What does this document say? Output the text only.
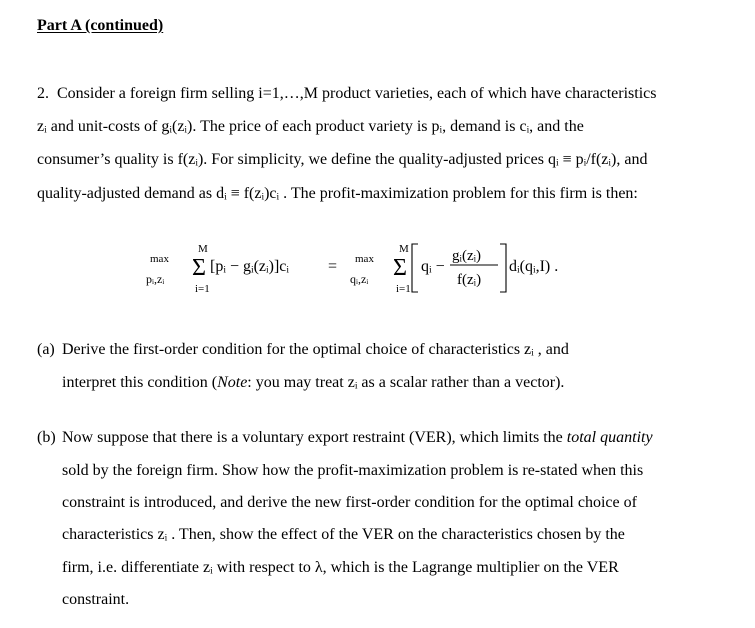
Part A (continued)
2. Consider a foreign firm selling i=1,…,M product varieties, each of which have characteristics
zᵢ and unit-costs of gᵢ(zᵢ). The price of each product variety is pᵢ, demand is cᵢ, and the
consumer’s quality is f(zᵢ). For simplicity, we define the quality-adjusted prices qᵢ ≡ pᵢ/f(zᵢ), and
quality-adjusted demand as dᵢ ≡ f(zᵢ)cᵢ . The profit-maximization problem for this firm is then:
max
pᵢ,zᵢ
M
Σ
i=1
[pᵢ − gᵢ(zᵢ)]cᵢ = max
qᵢ,zᵢ
M
Σ
i=1
qᵢ −
gᵢ(zᵢ)
f(zᵢ)
dᵢ(qᵢ,I) .
(a) Derive the first-order condition for the optimal choice of characteristics zᵢ , and
interpret this condition (Note: you may treat zᵢ as a scalar rather than a vector).
(b) Now suppose that there is a voluntary export restraint (VER), which limits the total quantity
sold by the foreign firm. Show how the profit-maximization problem is re-stated when this
constraint is introduced, and derive the new first-order condition for the optimal choice of
characteristics zᵢ . Then, show the effect of the VER on the characteristics chosen by the
firm, i.e. differentiate zᵢ with respect to λ, which is the Lagrange multiplier on the VER
constraint.
